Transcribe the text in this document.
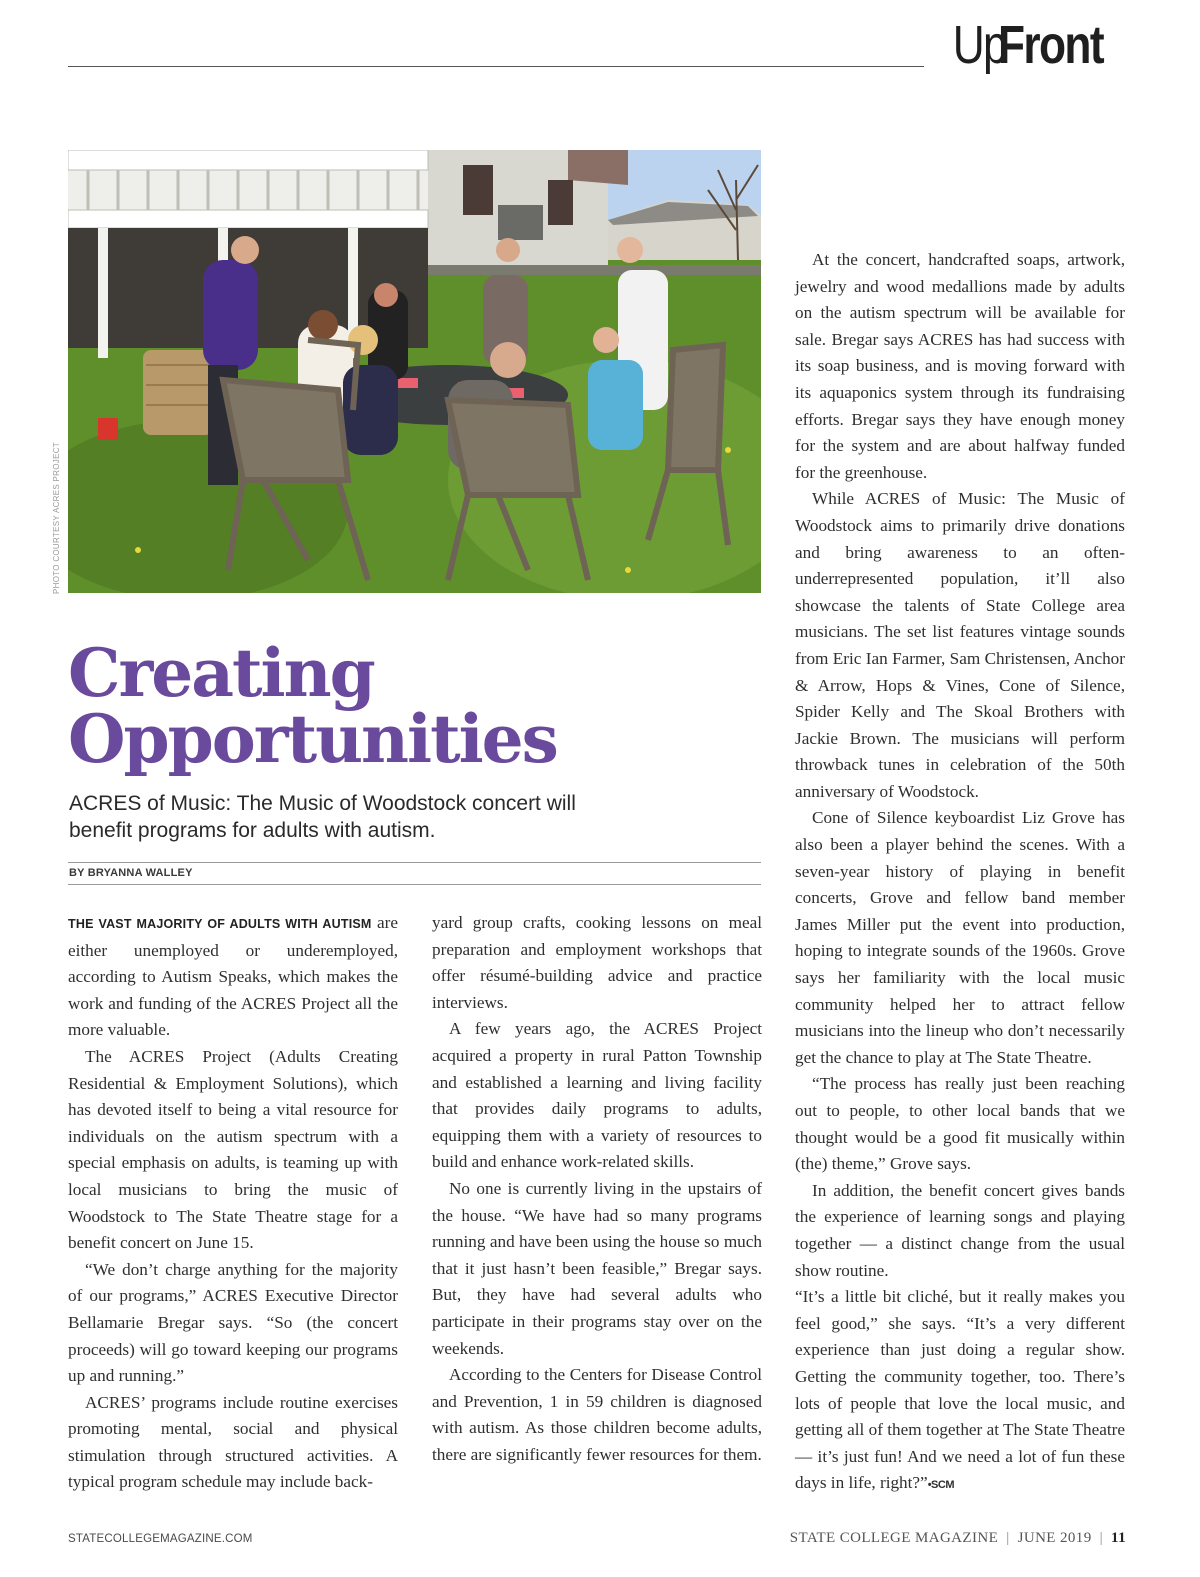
UpFront
PHOTO COURTESY ACRES PROJECT
Creating
Opportunities
ACRES of Music: The Music of Woodstock concert will
benefit programs for adults with autism.
BY BRYANNA WALLEY

THE VAST MAJORITY OF ADULTS WITH AUTISM are either unemployed or underemployed, according to Autism Speaks, which makes the work and funding of the ACRES Project all the more valuable.

The ACRES Project (Adults Creating Residential & Employment Solutions), which has devoted itself to being a vital resource for individuals on the autism spectrum with a special emphasis on adults, is teaming up with local musicians to bring the music of Woodstock to The State Theatre stage for a benefit concert on June 15.

“We don’t charge anything for the majority of our programs,” ACRES Executive Director Bellamarie Bregar says. “So (the concert proceeds) will go toward keeping our programs up and running.”

ACRES’ programs include routine exercises promoting mental, social and physical stimulation through structured activities. A typical program schedule may include back-

yard group crafts, cooking lessons on meal preparation and employment workshops that offer résumé-building advice and practice interviews.

A few years ago, the ACRES Project acquired a property in rural Patton Township and established a learning and living facility that provides daily programs to adults, equipping them with a variety of resources to build and enhance work-related skills.

No one is currently living in the upstairs of the house. “We have had so many programs running and have been using the house so much that it just hasn’t been feasible,” Bregar says. But, they have had several adults who participate in their programs stay over on the weekends.

According to the Centers for Disease Control and Prevention, 1 in 59 children is diagnosed with autism. As those children become adults, there are significantly fewer resources for them.

At the concert, handcrafted soaps, artwork, jewelry and wood medallions made by adults on the autism spectrum will be available for sale. Bregar says ACRES has had success with its soap business, and is moving forward with its aquaponics system through its fundraising efforts. Bregar says they have enough money for the system and are about halfway funded for the greenhouse.

While ACRES of Music: The Music of Woodstock aims to primarily drive donations and bring awareness to an often-underrepresented population, it’ll also showcase the talents of State College area musicians. The set list features vintage sounds from Eric Ian Farmer, Sam Christensen, Anchor & Arrow, Hops & Vines, Cone of Silence, Spider Kelly and The Skoal Brothers with Jackie Brown. The musicians will perform throwback tunes in celebration of the 50th anniversary of Woodstock.

Cone of Silence keyboardist Liz Grove has also been a player behind the scenes. With a seven-year history of playing in benefit concerts, Grove and fellow band member James Miller put the event into production, hoping to integrate sounds of the 1960s. Grove says her familiarity with the local music community helped her to attract fellow musicians into the lineup who don’t necessarily get the chance to play at The State Theatre.

“The process has really just been reaching out to people, to other local bands that we thought would be a good fit musically within (the) theme,” Grove says.

In addition, the benefit concert gives bands the experience of learning songs and playing together — a distinct change from the usual show routine.

“It’s a little bit cliché, but it really makes you feel good,” she says. “It’s a very different experience than just doing a regular show. Getting the community together, too. There’s lots of people that love the local music, and getting all of them together at The State Theatre — it’s just fun! And we need a lot of fun these days in life, right?”•SCM

STATECOLLEGEMAGAZINE.COM	STATE COLLEGE MAGAZINE | JUNE 2019 | 11
